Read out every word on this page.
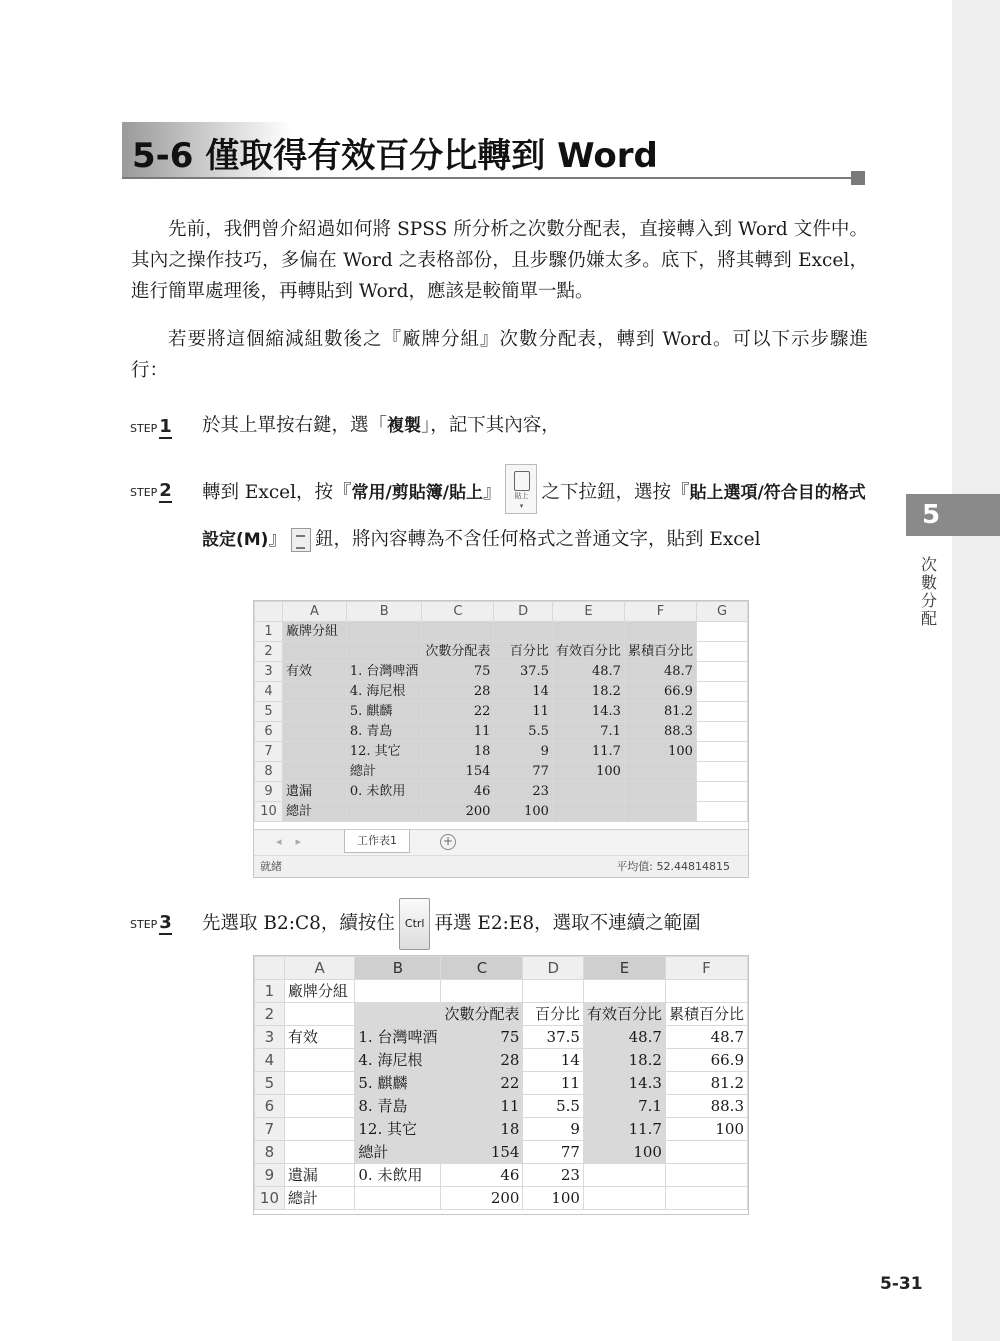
5
次數分配
5-6 僅取得有效百分比轉到 Word

先前，我們曾介紹過如何將 SPSS 所分析之次數分配表，直接轉入到 Word 文件中。其內之操作技巧，多偏在 Word 之表格部份，且步驟仍嫌太多。底下，將其轉到 Excel，進行簡單處理後，再轉貼到 Word，應該是較簡單一點。

若要將這個縮減組數後之『廠牌分組』次數分配表，轉到 Word。可以下示步驟進行：

STEP 1 於其上單按右鍵，選「複製」，記下其內容，

STEP 2 轉到 Excel，按『常用/剪貼簿/貼上』	貼上
▾
之下拉鈕，選按『貼上選項/符合目的格式設定(M)』 鈕，將內容轉為不含任何格式之普通文字，貼到 Excel

	A	B	C	D	E	F	G
1	廠牌分組						
2			次數分配表	百分比	有效百分比	累積百分比	
3	有效	1. 台灣啤酒	75	37.5	48.7	48.7	
4		4. 海尼根	28	14	18.2	66.9	
5		5. 麒麟	22	11	14.3	81.2	
6		8. 青島	11	5.5	7.1	88.3	
7		12. 其它	18	9	11.7	100	
8		總計	154	77	100		
9	遺漏	0. 未飲用	46	23			
10	總計		200	100			
◂▸	工作表1	+
就緒	平均值: 52.44814815
STEP 3 先選取 B2:C8，續按住 Ctrl 再選 E2:E8，選取不連續之範圍

	A	B	C	D	E	F
1	廠牌分組					
2			次數分配表	百分比	有效百分比	累積百分比
3	有效	1. 台灣啤酒	75	37.5	48.7	48.7
4		4. 海尼根	28	14	18.2	66.9
5		5. 麒麟	22	11	14.3	81.2
6		8. 青島	11	5.5	7.1	88.3
7		12. 其它	18	9	11.7	100
8		總計	154	77	100	
9	遺漏	0. 未飲用	46	23		
10	總計		200	100		
5-31
